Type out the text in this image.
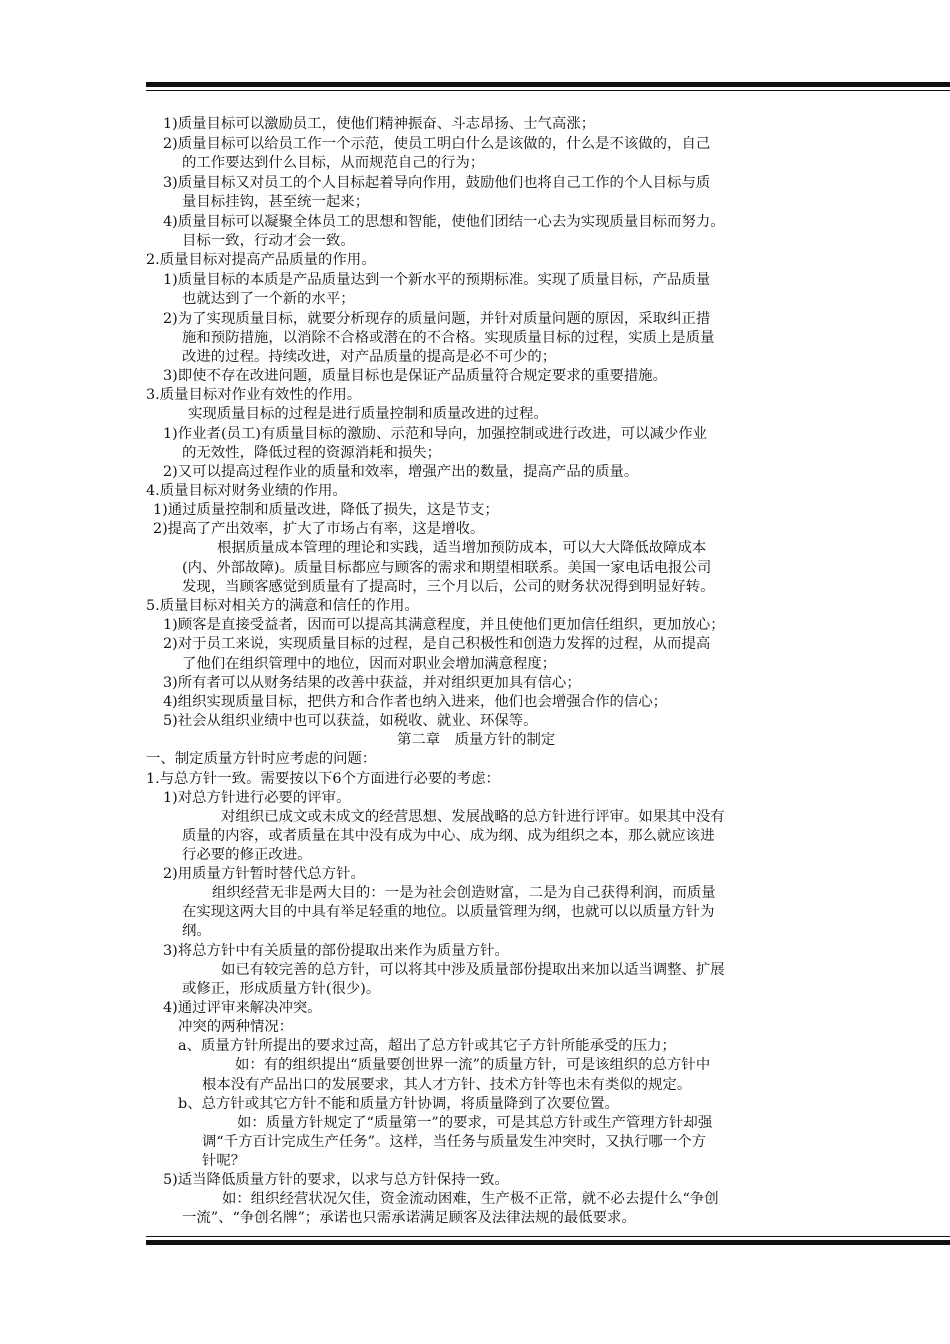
1)质量目标可以激励员工，使他们精神振奋、斗志昂扬、士气高涨；
2)质量目标可以给员工作一个示范，使员工明白什么是该做的，什么是不该做的，自己
的工作要达到什么目标，从而规范自己的行为；
3)质量目标又对员工的个人目标起着导向作用，鼓励他们也将自己工作的个人目标与质
量目标挂钩，甚至统一起来；
4)质量目标可以凝聚全体员工的思想和智能，使他们团结一心去为实现质量目标而努力。
目标一致，行动才会一致。
2.质量目标对提高产品质量的作用。
1)质量目标的本质是产品质量达到一个新水平的预期标准。实现了质量目标，产品质量
也就达到了一个新的水平；
2)为了实现质量目标，就要分析现存的质量问题，并针对质量问题的原因，采取纠正措
施和预防措施，以消除不合格或潜在的不合格。实现质量目标的过程，实质上是质量
改进的过程。持续改进，对产品质量的提高是必不可少的；
3)即使不存在改进问题，质量目标也是保证产品质量符合规定要求的重要措施。
3.质量目标对作业有效性的作用。
实现质量目标的过程是进行质量控制和质量改进的过程。
1)作业者(员工)有质量目标的激励、示范和导向，加强控制或进行改进，可以减少作业
的无效性，降低过程的资源消耗和损失；
2)又可以提高过程作业的质量和效率，增强产出的数量，提高产品的质量。
4.质量目标对财务业绩的作用。
1)通过质量控制和质量改进，降低了损失，这是节支；
2)提高了产出效率，扩大了市场占有率，这是增收。
根据质量成本管理的理论和实践，适当增加预防成本，可以大大降低故障成本
(内、外部故障)。质量目标都应与顾客的需求和期望相联系。美国一家电话电报公司
发现，当顾客感觉到质量有了提高时，三个月以后，公司的财务状况得到明显好转。
5.质量目标对相关方的满意和信任的作用。
1)顾客是直接受益者，因而可以提高其满意程度，并且使他们更加信任组织，更加放心；
2)对于员工来说，实现质量目标的过程，是自己积极性和创造力发挥的过程，从而提高
了他们在组织管理中的地位，因而对职业会增加满意程度；
3)所有者可以从财务结果的改善中获益，并对组织更加具有信心；
4)组织实现质量目标，把供方和合作者也纳入进来，他们也会增强合作的信心；
5)社会从组织业绩中也可以获益，如税收、就业、环保等。
第二章　质量方针的制定
一、制定质量方针时应考虑的问题：
1.与总方针一致。需要按以下6个方面进行必要的考虑：
1)对总方针进行必要的评审。
对组织已成文或未成文的经营思想、发展战略的总方针进行评审。如果其中没有
质量的内容，或者质量在其中没有成为中心、成为纲、成为组织之本，那么就应该进
行必要的修正改进。
2)用质量方针暂时替代总方针。
组织经营无非是两大目的：一是为社会创造财富，二是为自己获得利润，而质量
在实现这两大目的中具有举足轻重的地位。以质量管理为纲，也就可以以质量方针为
纲。
3)将总方针中有关质量的部份提取出来作为质量方针。
如已有较完善的总方针，可以将其中涉及质量部份提取出来加以适当调整、扩展
或修正，形成质量方针(很少)。
4)通过评审来解决冲突。
冲突的两种情况：
a、质量方针所提出的要求过高，超出了总方针或其它子方针所能承受的压力；
如：有的组织提出“质量要创世界一流”的质量方针，可是该组织的总方针中
根本没有产品出口的发展要求，其人才方针、技术方针等也未有类似的规定。
b、总方针或其它方针不能和质量方针协调，将质量降到了次要位置。
如：质量方针规定了“质量第一”的要求，可是其总方针或生产管理方针却强
调“千方百计完成生产任务”。这样，当任务与质量发生冲突时，又执行哪一个方
针呢？
5)适当降低质量方针的要求，以求与总方针保持一致。
如：组织经营状况欠佳，资金流动困难，生产极不正常，就不必去提什么“争创
一流”、“争创名牌”；承诺也只需承诺满足顾客及法律法规的最低要求。
